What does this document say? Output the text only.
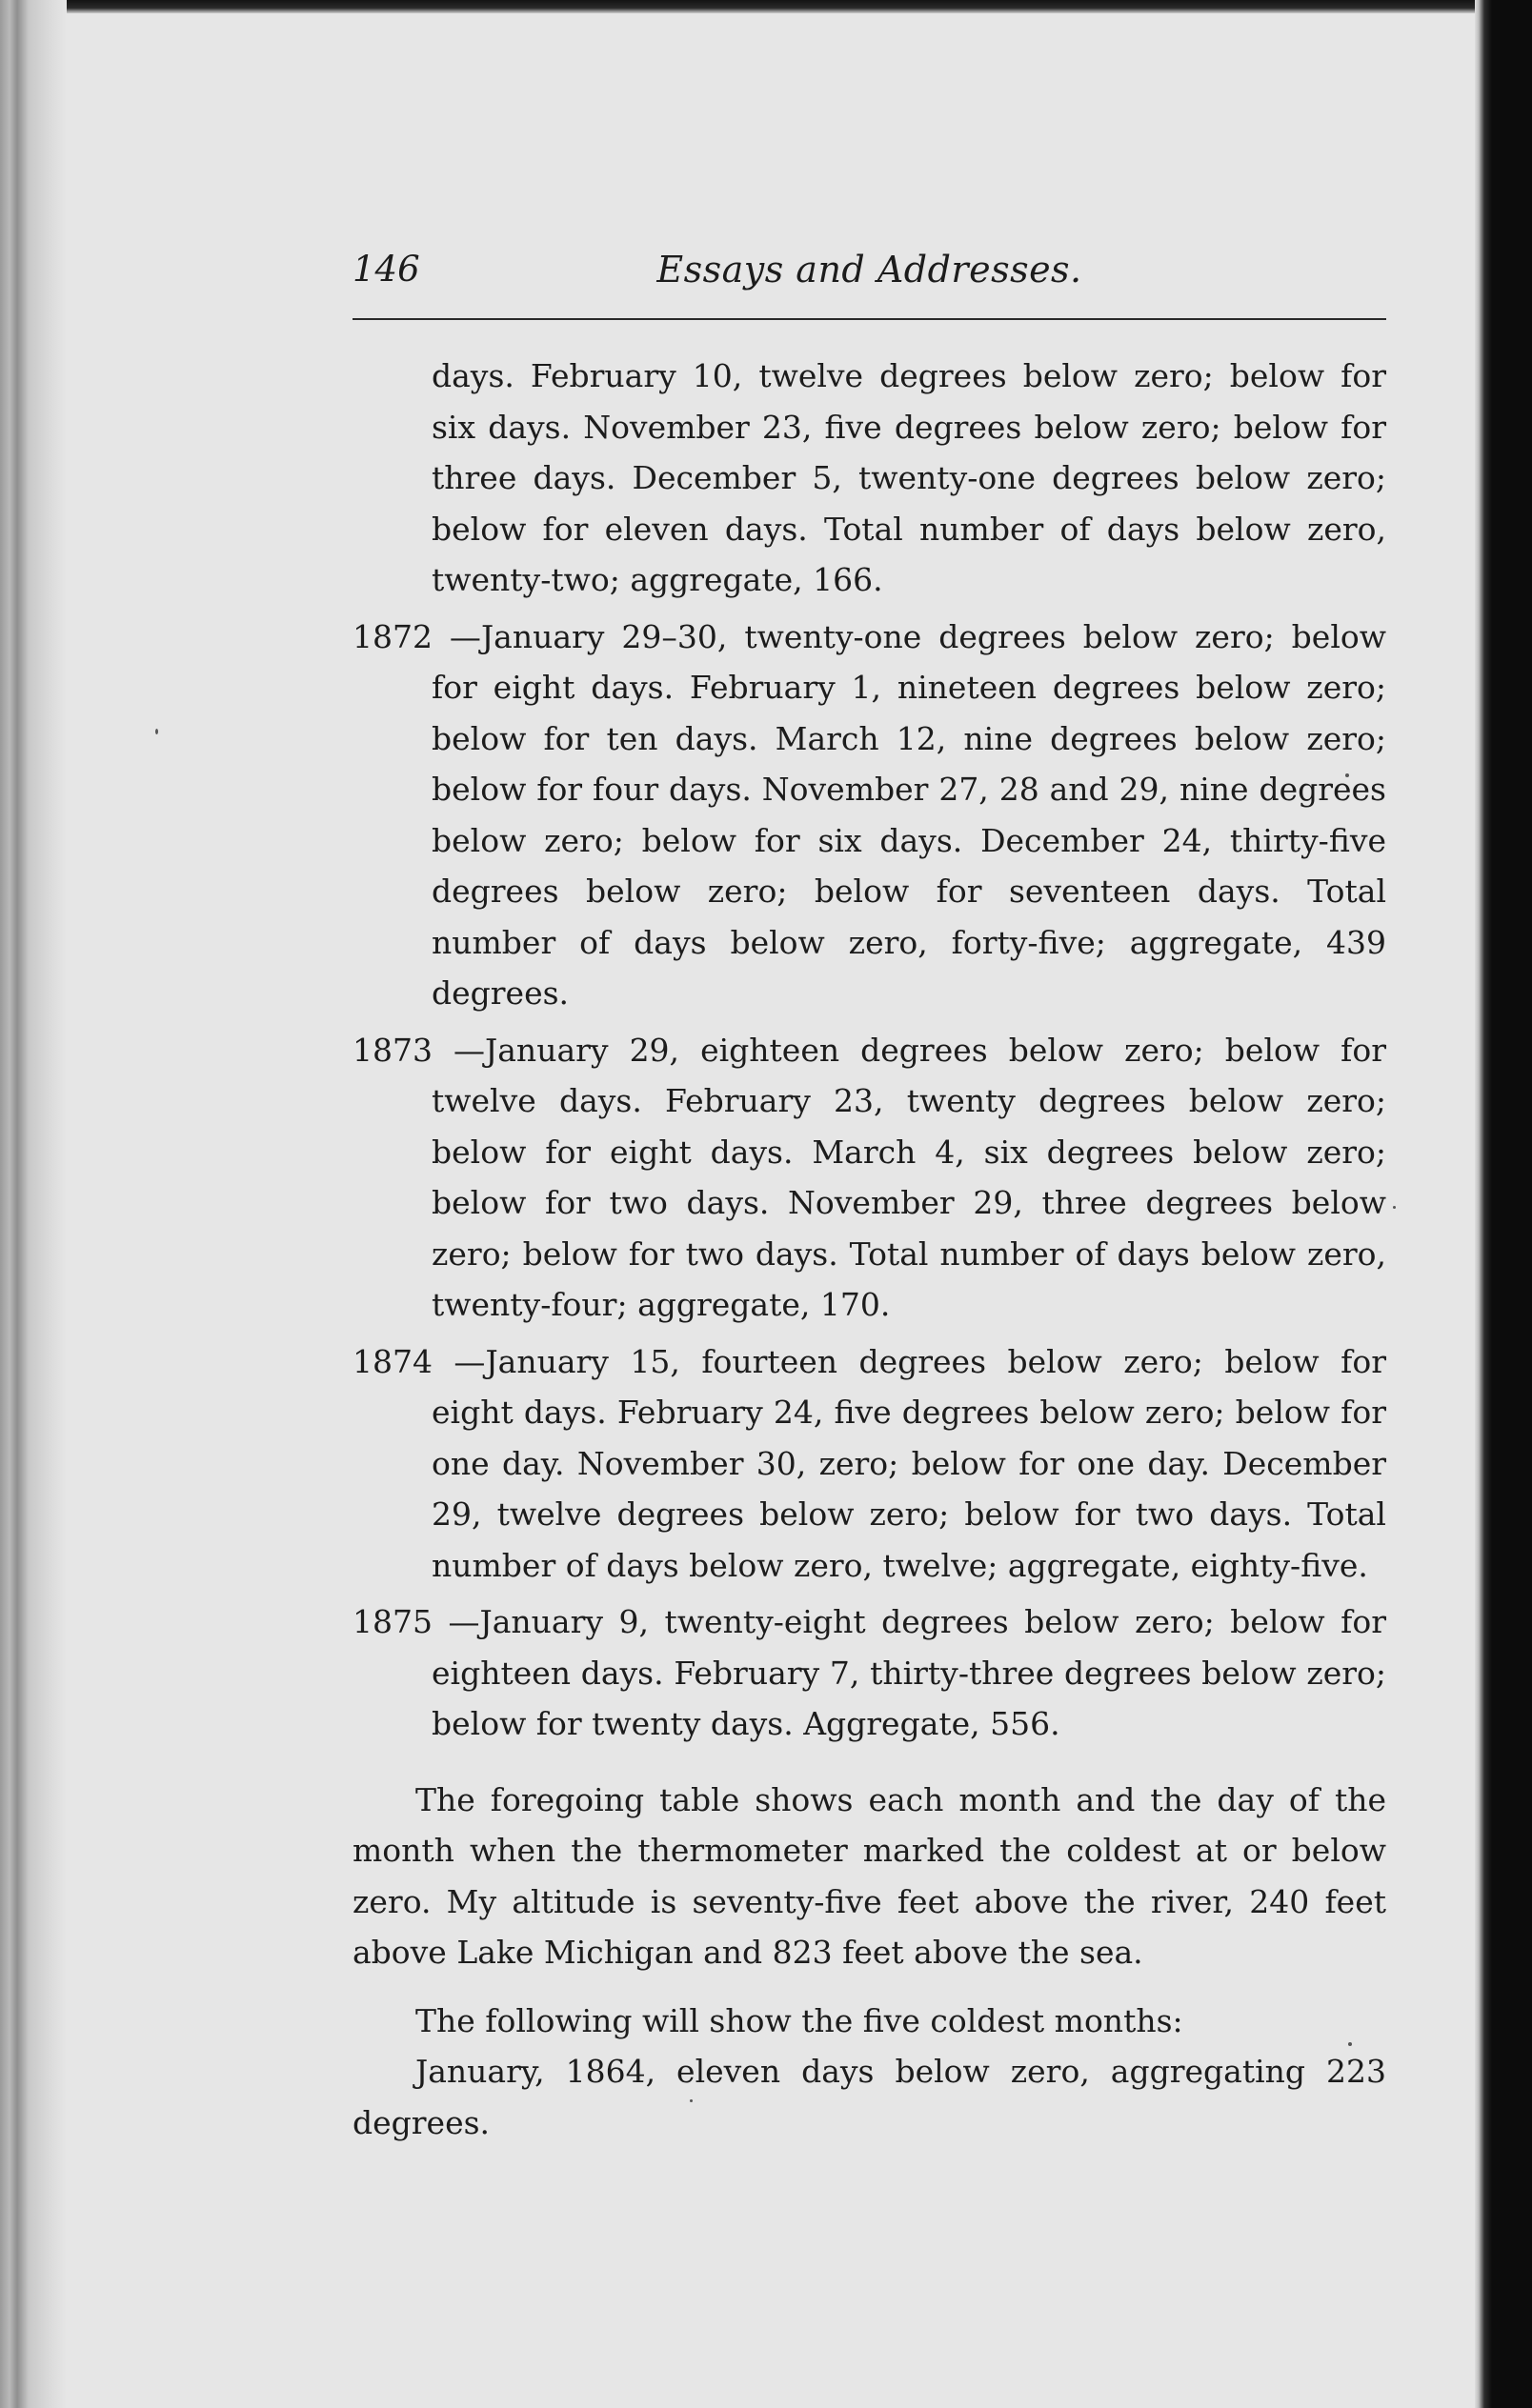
146	Essays and Addresses.

days. February 10, twelve degrees below zero; below for six days. November 23, five degrees below zero; below for three days. December 5, twenty-one degrees below zero; below for eleven days. Total number of days below zero, twenty-two; aggregate, 166.

1872 —January 29–30, twenty-one degrees below zero; below for eight days. February 1, nineteen degrees below zero; below for ten days. March 12, nine degrees below zero; below for four days. November 27, 28 and 29, nine degrees below zero; below for six days. December 24, thirty-five degrees below zero; below for seventeen days. Total number of days below zero, forty-five; aggregate, 439 degrees.

1873 —January 29, eighteen degrees below zero; below for twelve days. February 23, twenty degrees below zero; below for eight days. March 4, six degrees below zero; below for two days. November 29, three degrees below zero; below for two days. Total number of days below zero, twenty-four; aggregate, 170.

1874 —January 15, fourteen degrees below zero; below for eight days. February 24, five degrees below zero; below for one day. November 30, zero; below for one day. December 29, twelve degrees below zero; below for two days. Total number of days below zero, twelve; aggregate, eighty-five.

1875 —January 9, twenty-eight degrees below zero; below for eighteen days. February 7, thirty-three degrees below zero; below for twenty days. Aggregate, 556.

The foregoing table shows each month and the day of the month when the thermometer marked the coldest at or below zero. My altitude is seventy-five feet above the river, 240 feet above Lake Michigan and 823 feet above the sea.

The following will show the five coldest months:

January, 1864, eleven days below zero, aggregating 223 degrees.
